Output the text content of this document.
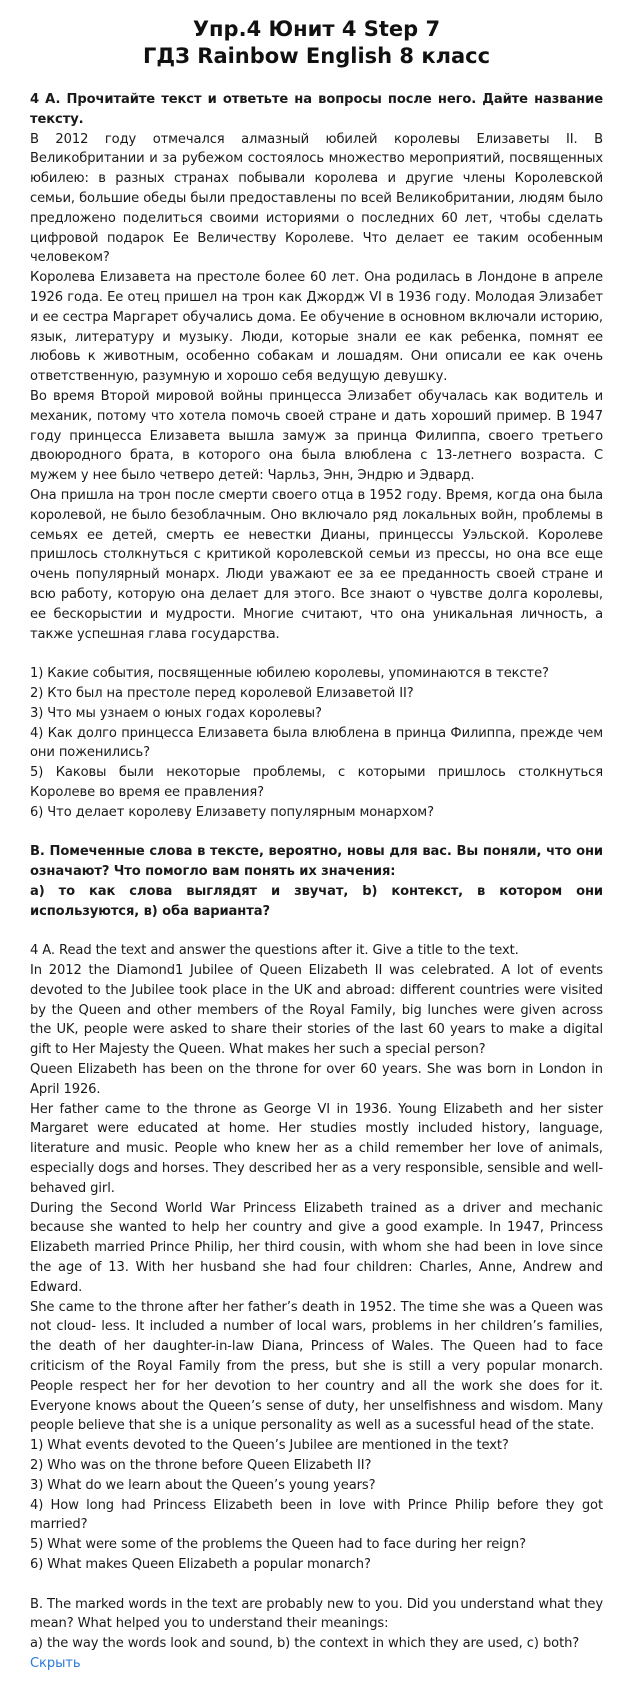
Упр.4 Юнит 4 Step 7
ГДЗ Rainbow English 8 класс

4 A. Прочитайте текст и ответьте на вопросы после него. Дайте название тексту.

В 2012 году отмечался алмазный юбилей королевы Елизаветы II. В Великобритании и за рубежом состоялось множество мероприятий, посвященных юбилею: в разных странах побывали королева и другие члены Королевской семьи, большие обеды были предоставлены по всей Великобритании, людям было предложено поделиться своими историями о последних 60 лет, чтобы сделать цифровой подарок Ее Величеству Королеве. Что делает ее таким особенным человеком?

Королева Елизавета на престоле более 60 лет. Она родилась в Лондоне в апреле 1926 года. Ее отец пришел на трон как Джордж VI в 1936 году. Молодая Элизабет и ее сестра Маргарет обучались дома. Ее обучение в основном включали историю, язык, литературу и музыку. Люди, которые знали ее как ребенка, помнят ее любовь к животным, особенно собакам и лошадям. Они описали ее как очень ответственную, разумную и хорошо себя ведущую девушку.

Во время Второй мировой войны принцесса Элизабет обучалась как водитель и механик, потому что хотела помочь своей стране и дать хороший пример. В 1947 году принцесса Елизавета вышла замуж за принца Филиппа, своего третьего двоюродного брата, в которого она была влюблена с 13-летнего возраста. С мужем у нее было четверо детей: Чарльз, Энн, Эндрю и Эдвард.

Она пришла на трон после смерти своего отца в 1952 году. Время, когда она была королевой, не было безоблачным. Оно включало ряд локальных войн, проблемы в семьях ее детей, смерть ее невестки Дианы, принцессы Уэльской. Королеве пришлось столкнуться с критикой королевской семьи из прессы, но она все еще очень популярный монарх. Люди уважают ее за ее преданность своей стране и всю работу, которую она делает для этого. Все знают о чувстве долга королевы, ее бескорыстии и мудрости. Многие считают, что она уникальная личность, а также успешная глава государства.

1) Какие события, посвященные юбилею королевы, упоминаются в тексте?

2) Кто был на престоле перед королевой Елизаветой II?

3) Что мы узнаем о юных годах королевы?

4) Как долго принцесса Елизавета была влюблена в принца Филиппа, прежде чем они поженились?

5) Каковы были некоторые проблемы, с которыми пришлось столкнуться Королеве во время ее правления?

6) Что делает королеву Елизавету популярным монархом?

B. Помеченные слова в тексте, вероятно, новы для вас. Вы поняли, что они означают? Что помогло вам понять их значения:

а) то как слова выглядят и звучат, b) контекст, в котором они используются, в) оба варианта?

4 A. Read the text and answer the questions after it. Give a title to the text.

In 2012 the Diamond1 Jubilee of Queen Elizabeth II was celebrated. A lot of events devoted to the Jubilee took place in the UK and abroad: different countries were visited by the Queen and other members of the Royal Family, big lunches were given across the UK, people were asked to share their stories of the last 60 years to make a digital gift to Her Majesty the Queen. What makes her such a special person?

Queen Elizabeth has been on the throne for over 60 years. She was born in London in April 1926.

Her father came to the throne as George VI in 1936. Young Elizabeth and her sister Margaret were educated at home. Her studies mostly included history, language, literature and music. People who knew her as a child remember her love of animals, especially dogs and horses. They described her as a very responsible, sensible and well-behaved girl.

During the Second World War Princess Elizabeth trained as a driver and mechanic because she wanted to help her country and give a good example. In 1947, Princess Elizabeth married Prince Philip, her third cousin, with whom she had been in love since the age of 13. With her husband she had four children: Charles, Anne, Andrew and Edward.

She came to the throne after her father’s death in 1952. The time she was a Queen was not cloud- less. It included a number of local wars, problems in her children’s families, the death of her daughter-in-law Diana, Princess of Wales. The Queen had to face criticism of the Royal Family from the press, but she is still a very popular monarch. People respect her for her devotion to her country and all the work she does for it. Everyone knows about the Queen’s sense of duty, her unselfishness and wisdom. Many people believe that she is a unique personality as well as a sucessful head of the state.

1) What events devoted to the Queen’s Jubilee are mentioned in the text?

2) Who was on the throne before Queen Elizabeth II?

3) What do we learn about the Queen’s young years?

4) How long had Princess Elizabeth been in love with Prince Philip before they got married?

5) What were some of the problems the Queen had to face during her reign?

6) What makes Queen Elizabeth a popular monarch?

B. The marked words in the text are probably new to you. Did you understand what they mean? What helped you to understand their meanings:

a) the way the words look and sound, b) the context in which they are used, c) both?

Скрыть
